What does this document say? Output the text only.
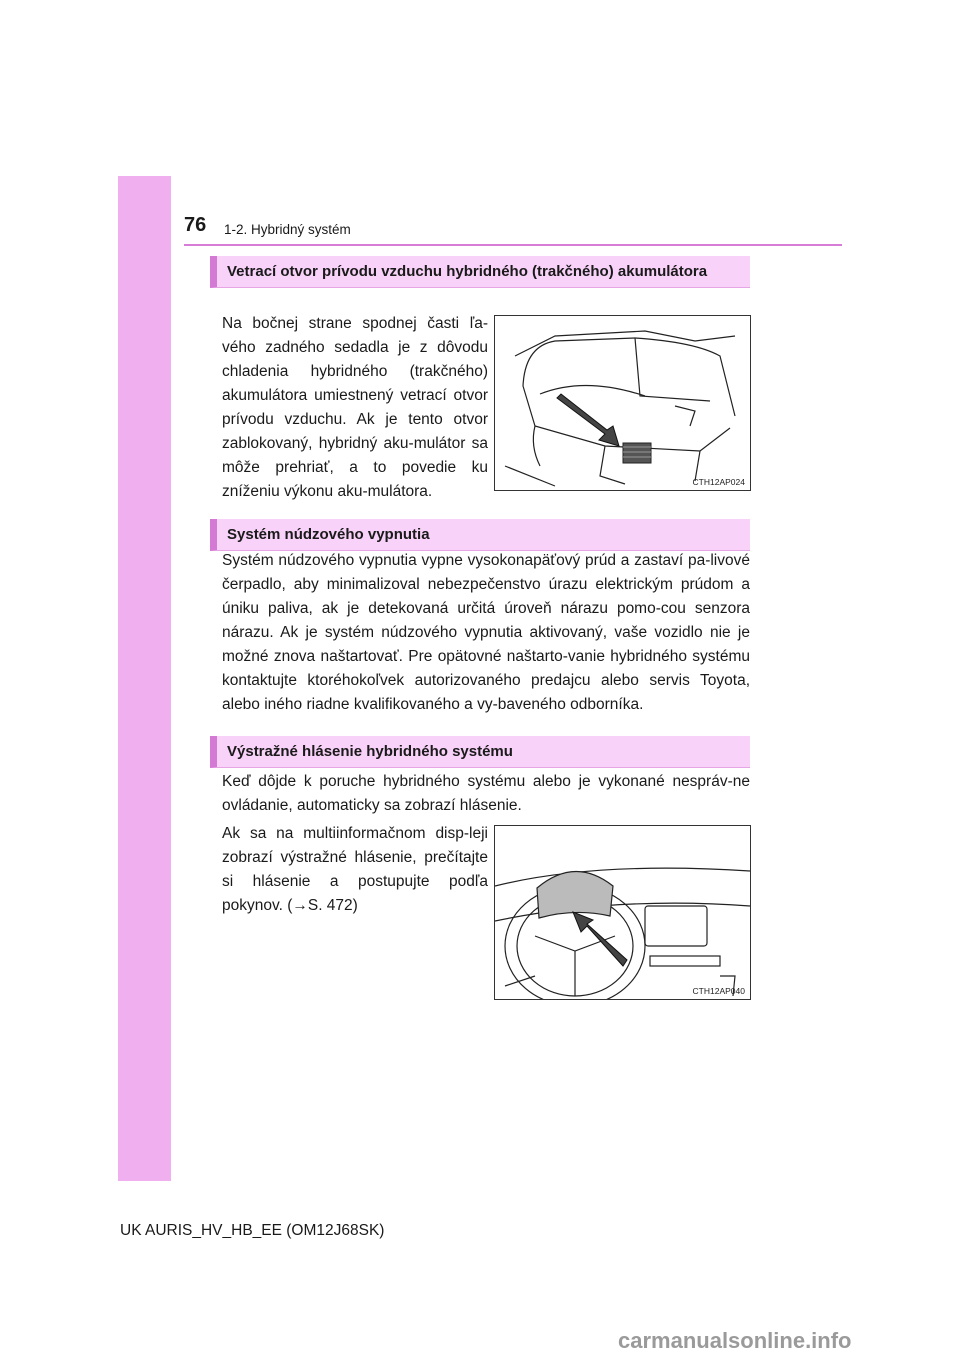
76 1-2. Hybridný systém
Vetrací otvor prívodu vzduchu hybridného (trakčného) akumulátora

Na bočnej strane spodnej časti ľa-vého zadného sedadla je z dôvodu chladenia hybridného (trakčného) akumulátora umiestnený vetrací otvor prívodu vzduchu. Ak je tento otvor zablokovaný, hybridný aku-mulátor sa môže prehriať, a to povedie ku zníženiu výkonu aku-mulátora.

CTH12AP024
Systém núdzového vypnutia

Systém núdzového vypnutia vypne vysokonapäťový prúd a zastaví pa-livové čerpadlo, aby minimalizoval nebezpečenstvo úrazu elektrickým prúdom a úniku paliva, ak je detekovaná určitá úroveň nárazu pomo-cou senzora nárazu. Ak je systém núdzového vypnutia aktivovaný, vaše vozidlo nie je možné znova naštartovať. Pre opätovné naštarto-vanie hybridného systému kontaktujte ktoréhokoľvek autorizovaného predajcu alebo servis Toyota, alebo iného riadne kvalifikovaného a vy-baveného odborníka.

Výstražné hlásenie hybridného systému

Keď dôjde k poruche hybridného systému alebo je vykonané nespráv-ne ovládanie, automaticky sa zobrazí hlásenie.

Ak sa na multiinformačnom disp-leji zobrazí výstražné hlásenie, prečítajte si hlásenie a postupujte podľa pokynov. (→S. 472)

CTH12AP040
UK AURIS_HV_HB_EE (OM12J68SK)
carmanualsonline.info
